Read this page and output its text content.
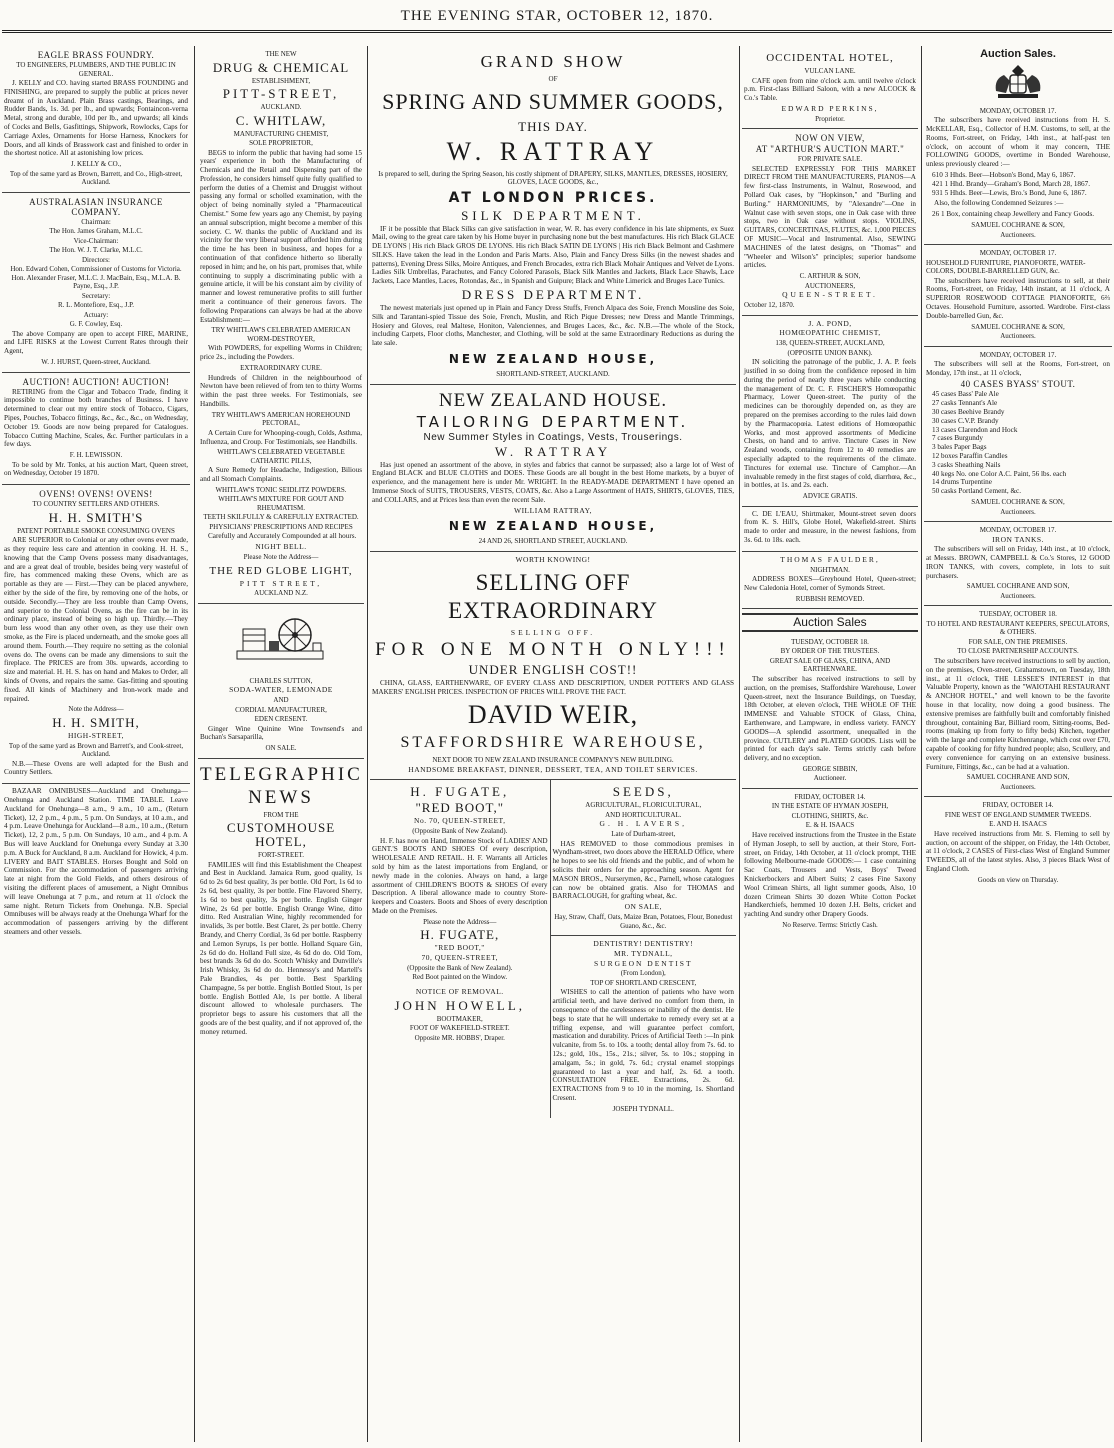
THE EVENING STAR, OCTOBER 12, 1870.
EAGLE BRASS FOUNDRY.
TO ENGINEERS, PLUMBERS, AND THE PUBLIC IN GENERAL.

J. KELLY and CO. having started BRASS FOUNDING and FINISHING, are prepared to supply the public at prices never dreamt of in Auckland. Plain Brass castings, Bearings, and Rudder Bands, 1s. 3d. per lb., and upwards; Fontaincon-verna Metal, strong and durable, 10d per lb., and upwards; all kinds of Cocks and Bells, Gasfittings, Shipwork, Rowlocks, Caps for Carriage Axles, Ornaments for Horse Harness, Knockers for Doors, and all kinds of Brasswork cast and finished to order in the shortest notice. All at astonishing low prices.

J. KELLY & CO.,
Top of the same yard as Brown, Barrett, and Co., High-street, Auckland.
AUSTRALASIAN INSURANCE COMPANY.
Chairman:
The Hon. James Graham, M.L.C.
Vice-Chairman:
The Hon. W. J. T. Clarke, M.L.C.
Directors:
Hon. Edward Cohen, Commissioner of Customs for Victoria. Hon. Alexander Fraser, M.L.C. J. MacBain, Esq., M.L.A. B. Payne, Esq., J.P.
Secretary:
R. L. Montefiore, Esq., J.P.
Actuary:
G. F. Cowley, Esq.

The above Company are open to accept FIRE, MARINE, and LIFE RISKS at the Lowest Current Rates through their Agent,

W. J. HURST, Queen-street, Auckland.
AUCTION! AUCTION! AUCTION!

RETIRING from the Cigar and Tobacco Trade, finding it impossible to continue both branches of Business. I have determined to clear out my entire stock of Tobacco, Cigars, Pipes, Pouches, Tobacco fittings, &c., &c., &c., on Wednesday, October 19. Goods are now being prepared for Catalogues. Tobacco Cutting Machine, Scales, &c. Further particulars in a few days.

F. H. LEWISSON.

To be sold by Mr. Tonks, at his auction Mart, Queen street, on Wednesday, October 19 1870.

OVENS! OVENS! OVENS!
TO COUNTRY SETTLERS AND OTHERS.
H. H. SMITH'S
PATENT PORTABLE SMOKE CONSUMING OVENS

ARE SUPERIOR to Colonial or any other ovens ever made, as they require less care and attention in cooking. H. H. S., knowing that the Camp Ovens possess many disadvantages, and are a great deal of trouble, besides being very wasteful of fire, has commenced making these Ovens, which are as portable as they are — First.—They can be placed anywhere, either by the side of the fire, by removing one of the hobs, or outside. Secondly.—They are less trouble than Camp Ovens, and superior to the Colonial Ovens, as the fire can be in its ordinary place, instead of being so high up. Thirdly.—They burn less wood than any other oven, as they use their own smoke, as the Fire is placed underneath, and the smoke goes all around them. Fourth.—They require no setting as the colonial ovens do. The ovens can be made any dimensions to suit the fireplace. The PRICES are from 30s. upwards, according to size and material. H. H. S. has on hand and Makes to Order, all kinds of Ovens, and repairs the same. Gas-fitting and spouting fixed. All kinds of Machinery and Iron-work made and repaired.

Note the Address—
H. H. SMITH,
HIGH-STREET,
Top of the same yard as Brown and Barrett's, and Cook-street, Auckland.

N.B.—These Ovens are well adapted for the Bush and Country Settlers.

BAZAAR OMNIBUSES—Auckland and Onehunga—Onehunga and Auckland Station. TIME TABLE. Leave Auckland for Onehunga—8 a.m., 9 a.m., 10 a.m., (Return Ticket), 12, 2 p.m., 4 p.m., 5 p.m. On Sundays, at 10 a.m., and 4 p.m. Leave Onehunga for Auckland—8 a.m., 10 a.m., (Return Ticket), 12, 2 p.m., 5 p.m. On Sundays, 10 a.m., and 4 p.m. A Bus will leave Auckland for Onehunga every Sunday at 3.30 p.m. A Buck for Auckland, 8 a.m. Auckland for Howick, 4 p.m. LIVERY and BAIT STABLES. Horses Bought and Sold on Commission. For the accommodation of passengers arriving late at night from the Gold Fields, and others desirous of visiting the different places of amusement, a Night Omnibus will leave Onehunga at 7 p.m., and return at 11 o'clock the same night. Return Tickets from Onehunga. N.B. Special Omnibuses will be always ready at the Onehunga Wharf for the accommodation of passengers arriving by the different steamers and other vessels.

THE NEW
DRUG & CHEMICAL
ESTABLISHMENT,
PITT-STREET,
AUCKLAND.
C. WHITLAW,
MANUFACTURING CHEMIST,
SOLE PROPRIETOR,

BEGS to inform the public that having had some 15 years' experience in both the Manufacturing of Chemicals and the Retail and Dispensing part of the Profession, he considers himself quite fully qualified to perform the duties of a Chemist and Druggist without passing any formal or scholled examination, with the object of being nominally styled a "Pharmaceutical Chemist." Some few years ago any Chemist, by paying an annual subscription, might become a member of this society. C. W. thanks the public of Auckland and its vicinity for the very liberal support afforded him during the time he has been in business, and hopes for a continuation of that confidence hitherto so liberally reposed in him; and he, on his part, promises that, while continuing to supply a discriminating public with a genuine article, it will be his constant aim by civility of manner and lowest remunerative profits to still further merit a continuance of their generous favors. The following Preparations can always be had at the above Establishment:—

TRY WHITLAW'S CELEBRATED AMERICAN WORM-DESTROYER,

With POWDERS, for expelling Worms in Children; price 2s., including the Powders.

EXTRAORDINARY CURE.

Hundreds of Children in the neighbourhood of Newton have been relieved of from ten to thirty Worms within the past three weeks. For Testimonials, see Handbills.

TRY WHITLAW'S AMERICAN HOREHOUND PECTORAL,

A Certain Cure for Whooping-cough, Colds, Asthma, Influenza, and Croup. For Testimonials, see Handbills.

WHITLAW'S CELEBRATED VEGETABLE CATHARTIC PILLS,

A Sure Remedy for Headache, Indigestion, Bilious and all Stomach Complaints.

WHITLAW'S TONIC SEIDLITZ POWDERS.
WHITLAW'S MIXTURE FOR GOUT AND RHEUMATISM.
TEETH SKILFULLY & CAREFULLY EXTRACTED.
PHYSICIANS' PRESCRIPTIONS AND RECIPES

Carefully and Accurately Compounded at all hours.

NIGHT BELL.
Please Note the Address—
THE RED GLOBE LIGHT,
PITT STREET,
AUCKLAND N.Z.
CHARLES SUTTON,
SODA-WATER, LEMONADE
AND
CORDIAL MANUFACTURER,
EDEN CRESENT.

Ginger Wine Quinine Wine Townsend's and Buchan's Sarsaparilla,

ON SALE.
TELEGRAPHIC
NEWS
FROM THE
CUSTOMHOUSE HOTEL,
FORT-STREET.

FAMILIES will find this Establishment the Cheapest and Best in Auckland. Jamaica Rum, good quality, 1s 6d to 2s 6d best quality, 3s per bottle. Old Port, 1s 6d to 2s 6d, best quality, 3s per bottle. Fine Flavored Sherry, 1s 6d to best quality, 3s per bottle. English Ginger Wine, 2s 6d per bottle. English Orange Wine, ditto ditto. Red Australian Wine, highly recommended for invalids, 3s per bottle. Best Claret, 2s per bottle. Cherry Brandy, and Cherry Cordial, 3s 6d per bottle. Raspberry and Lemon Syrups, 1s per bottle. Holland Square Gin, 2s 6d do do. Holland Full size, 4s 6d do do. Old Tom, best brands 3s 6d do do. Scotch Whisky and Dunville's Irish Whisky, 3s 6d do do. Hennessy's and Martell's Pale Brandies, 4s per bottle. Best Sparkling Champagne, 5s per bottle. English Bottled Stout, 1s per bottle. English Bottled Ale, 1s per bottle. A liberal discount allowed to wholesale purchasers. The proprietor begs to assure his customers that all the goods are of the best quality, and if not approved of, the money returned.

GRAND SHOW
OF
SPRING AND SUMMER GOODS,
THIS DAY.
W. RATTRAY
Is prepared to sell, during the Spring Season, his costly shipment of DRAPERY, SILKS, MANTLES, DRESSES, HOSIERY, GLOVES, LACE GOODS, &c.,
AT LONDON PRICES.
SILK DEPARTMENT.

IF it be possible that Black Silks can give satisfaction in wear, W. R. has every confidence in his late shipments, ex Suez Mail, owing to the great care taken by his Home buyer in purchasing none but the best manufactures. His rich Black GLACE DE LYONS | His rich Black GROS DE LYONS. His rich Black SATIN DE LYONS | His rich Black Belmont and Cashmere SILKS. Have taken the lead in the London and Paris Marts. Also, Plain and Fancy Dress Silks (in the newest shades and patterns), Evening Dress Silks, Moire Antiques, and French Brocades, extra rich Black Mohair Antiques and Velvet de Lyons. Ladies Silk Umbrellas, Parachutes, and Fancy Colored Parasols, Black Silk Mantles and Jackets, Black Lace Shawls, Lace Jackets, Lace Mantles, Laces, Rotondas, &c., in Spanish and Guipure; Black and White Limerick and Bruges Lace Tunics.

DRESS DEPARTMENT.

The newest materials just opened up in Plain and Fancy Dress Stuffs, French Alpaca des Soie, French Mousline des Soie, Silk and Tarantani-spied Tissue des Soie, French, Muslin, and Rich Pique Dresses; new Dress and Mantle Trimmings, Hosiery and Gloves, real Maltese, Honiton, Valenciennes, and Bruges Laces, &c., &c. N.B.—The whole of the Stock, including Carpets, Floor cloths, Manchester, and Clothing, will be sold at the same Extraordinary Reductions as during the late sale.

NEW ZEALAND HOUSE,
SHORTLAND-STREET, AUCKLAND.
NEW ZEALAND HOUSE.
TAILORING DEPARTMENT.
New Summer Styles in Coatings, Vests, Trouserings.
W. RATTRAY

Has just opened an assortment of the above, in styles and fabrics that cannot be surpassed; also a large lot of West of England BLACK and BLUE CLOTHS and DOES. These Goods are all bought in the best Home markets, by a buyer of experience, and the management here is under Mr. WRIGHT. In the READY-MADE DEPARTMENT I have opened an Immense Stock of SUITS, TROUSERS, VESTS, COATS, &c. Also a Large Assortment of HATS, SHIRTS, GLOVES, TIES, and COLLARS, and at Prices less than even the recent Sale.

WILLIAM RATTRAY,
NEW ZEALAND HOUSE,
24 AND 26, SHORTLAND STREET, AUCKLAND.
WORTH KNOWING!
SELLING OFF EXTRAORDINARY
SELLING OFF.
FOR ONE MONTH ONLY!!!
UNDER ENGLISH COST!!

CHINA, GLASS, EARTHENWARE, OF EVERY CLASS AND DESCRIPTION, UNDER POTTER'S AND GLASS MAKERS' ENGLISH PRICES. INSPECTION OF PRICES WILL PROVE THE FACT.

DAVID WEIR,
STAFFORDSHIRE WAREHOUSE,
NEXT DOOR TO NEW ZEALAND INSURANCE COMPANY'S NEW BUILDING.
HANDSOME BREAKFAST, DINNER, DESSERT, TEA, AND TOILET SERVICES.
H. FUGATE,
"RED BOOT,"
No. 70, QUEEN-STREET,
(Opposite Bank of New Zealand).

H. F. has now on Hand, Immense Stock of LADIES' AND GENT.'S BOOTS AND SHOES Of every description, WHOLESALE AND RETAIL. H. F. Warrants all Articles sold by him as the latest importations from England, or newly made in the colonies. Always on hand, a large assortment of CHILDREN'S BOOTS & SHOES Of every Description. A liberal allowance made to country Store-keepers and Coasters. Boots and Shoes of every description Made on the Premises.

Please note the Address—
H. FUGATE,
"RED BOOT,"
70, QUEEN-STREET,
(Opposite the Bank of New Zealand).
Red Boot painted on the Window.
NOTICE OF REMOVAL.
JOHN HOWELL,
BOOTMAKER,
FOOT OF WAKEFIELD-STREET.
Opposite MR. HOBBS', Draper.
SEEDS,
AGRICULTURAL, FLORICULTURAL,
AND HORTICULTURAL.
G. H. LAVERS,
Late of Durham-street,

HAS REMOVED to those commodious premises in Wyndham-street, two doors above the HERALD Office, where he hopes to see his old friends and the public, and of whom he solicits their orders for the approaching season. Agent for MASON BROS., Nurserymen, &c., Parnell, whose catalogues can now be obtained gratis. Also for THOMAS and BARRACLOUGH, for grafting wheat, &c.

ON SALE,
Hay, Straw, Chaff, Oats, Maize Bran, Potatoes, Flour, Bonedust Guano, &c., &c.
DENTISTRY! DENTISTRY!
MR. TYDNALL,
SURGEON DENTIST
(From London),
TOP OF SHORTLAND CRESCENT,

WISHES to call the attention of patients who have worn artificial teeth, and have derived no comfort from them, in consequence of the carelessness or inability of the dentist. He begs to state that he will undertake to remedy every set at a trifling expense, and will guarantee perfect comfort, mastication and durability. Prices of Artificial Teeth :—In pink vulcanite, from 5s. to 10s. a tooth; dental alloy from 7s. 6d. to 12s.; gold, 10s., 15s., 21s.; silver, 5s. to 10s.; stopping in amalgam, 5s.; in gold, 7s. 6d.; crystal enamel stoppings guaranteed to last a year and half, 2s. 6d. a tooth. CONSULTATION FREE. Extractions, 2s. 6d. EXTRACTIONS from 9 to 10 in the morning, 1s. Shortland Cresent.

JOSEPH TYDNALL.
OCCIDENTAL HOTEL,
VULCAN LANE.

CAFE open from nine o'clock a.m. until twelve o'clock p.m. First-class Billiard Saloon, with a new ALCOCK & Co.'s Table.

EDWARD PERKINS,
Proprietor.
NOW ON VIEW,
AT "ARTHUR'S AUCTION MART."
FOR PRIVATE SALE.

SELECTED EXPRESSLY FOR THIS MARKET DIRECT FROM THE MANUFACTURERS, PIANOS—A few first-class Instruments, in Walnut, Rosewood, and Pollard Oak cases, by "Hopkinson," and "Burling and Burling." HARMONIUMS, by "Alexandre"—One in Walnut case with seven stops, one in Oak case with three stops, two in Oak case without stops. VIOLINS, GUITARS, CONCERTINAS, FLUTES, &c. 1,000 PIECES OF MUSIC—Vocal and Instrumental. Also, SEWING MACHINES of the latest designs, on "Thomas'" and "Wheeler and Wilson's" principles; superior handsome articles.

C. ARTHUR & SON,
AUCTIONEERS,
QUEEN-STREET.
October 12, 1870.
J. A. POND,
HOMŒOPATHIC CHEMIST,
138, QUEEN-STREET, AUCKLAND,
(OPPOSITE UNION BANK).

IN soliciting the patronage of the public, J. A. P. feels justified in so doing from the confidence reposed in him during the period of nearly three years while conducting the management of Dr. C. F. FISCHER'S Homœopathic Pharmacy, Lower Queen-street. The purity of the medicines can be thoroughly depended on, as they are prepared on the premises according to the rules laid down by the Pharmacopœia. Latest editions of Homœopathic Works, and most approved assortments of Medicine Chests, on hand and to arrive. Tincture Cases in New Zealand woods, containing from 12 to 40 remedies are especially adapted to the requirements of the climate. Tinctures for external use. Tincture of Camphor.—An invaluable remedy in the first stages of cold, diarrhœa, &c., in bottles, at 1s. and 2s. each.

ADVICE GRATIS.

C. DE L'EAU, Shirtmaker, Mount-street seven doors from K. S. Hill's, Globe Hotel, Wakefield-street. Shirts made to order and measure, in the newest fashions, from 3s. 6d. to 18s. each.

THOMAS FAULDER,
NIGHTMAN.

ADDRESS BOXES—Greyhound Hotel, Queen-street; New Caledonia Hotel, corner of Symonds Street.

RUBBISH REMOVED.
Auction Sales
TUESDAY, OCTOBER 18.
BY ORDER OF THE TRUSTEES.
GREAT SALE OF GLASS, CHINA, AND EARTHENWARE.

The subscriber has received instructions to sell by auction, on the premises, Staffordshire Warehouse, Lower Queen-street, next the Insurance Buildings, on Tuesday, 18th October, at eleven o'clock, THE WHOLE OF THE IMMENSE and Valuable STOCK of Glass, China, Earthenware, and Lampware, in endless variety. FANCY GOODS—A splendid assortment, unequalled in the province. CUTLERY and PLATED GOODS. Lists will be printed for each day's sale. Terms strictly cash before delivery, and no exception.

GEORGE SIBBIN,
Auctioneer.
FRIDAY, OCTOBER 14.
IN THE ESTATE OF HYMAN JOSEPH,
CLOTHING, SHIRTS, &c.
E. & H. ISAACS

Have received instructions from the Trustee in the Estate of Hyman Joseph, to sell by auction, at their Store, Fort-street, on Friday, 14th October, at 11 o'clock prompt, THE following Melbourne-made GOODS:— 1 case containing Sac Coats, Trousers and Vests, Boys' Tweed Knickerbockers and Albert Suits; 2 cases Fine Saxony Wool Crimean Shirts, all light summer goods, Also, 10 dozen Crimean Shirts 30 dozen White Cotton Pocket Handkerchiefs, hemmed 10 dozen J.H. Belts, cricket and yachting And sundry other Drapery Goods.

No Reserve. Terms: Strictly Cash.
Auction Sales.
MONDAY, OCTOBER 17.

The subscribers have received instructions from H. S. McKELLAR, Esq., Collector of H.M. Customs, to sell, at the Rooms, Fort-street, on Friday, 14th inst., at half-past ten o'clock, on account of whom it may concern, THE FOLLOWING GOODS, overtime in Bonded Warehouse, unless previously cleared :—

610 3 Hhds. Beer—Hobson's Bond, May 6, 1867.
421 1 Hhd. Brandy—Graham's Bond, March 28, 1867.
931 5 Hhds. Beer—Lewis, Bro.'s Bond, June 6, 1867.

Also, the following Condemned Seizures :—

26 1 Box, containing cheap Jewellery and Fancy Goods.
SAMUEL COCHRANE & SON,
Auctioneers.
MONDAY, OCTOBER 17.
HOUSEHOLD FURNITURE, PIANOFORTE, WATER-COLORS, DOUBLE-BARRELLED GUN, &c.

The subscribers have received instructions to sell, at their Rooms, Fort-street, on Friday, 14th instant, at 11 o'clock, A SUPERIOR ROSEWOOD COTTAGE PIANOFORTE, 6⅔ Octaves. Household Furniture, assorted. Wardrobe. First-class Double-barrelled Gun, &c.

SAMUEL COCHRANE & SON,
Auctioneers.
MONDAY, OCTOBER 17.

The subscribers will sell at the Rooms, Fort-street, on Monday, 17th inst., at 11 o'clock,

40 CASES BYASS' STOUT.
45 cases Bass' Pale Ale
27 casks Tennant's Ale
30 cases Beehive Brandy
30 cases C.V.P. Brandy
13 cases Clarendon and Hock
7 cases Burgundy
3 bales Paper Bags
12 boxes Paraffin Candles
3 casks Sheathing Nails
40 kegs No. one Color A.C. Paint, 56 lbs. each
14 drums Turpentine
50 casks Portland Cement, &c.
SAMUEL COCHRANE & SON,
Auctioneers.
MONDAY, OCTOBER 17.
IRON TANKS.

The subscribers will sell on Friday, 14th inst., at 10 o'clock, at Messrs. BROWN, CAMPBELL & Co.'s Stores, 12 GOOD IRON TANKS, with covers, complete, in lots to suit purchasers.

SAMUEL COCHRANE AND SON,
Auctioneers.
TUESDAY, OCTOBER 18.
TO HOTEL AND RESTAURANT KEEPERS, SPECULATORS, & OTHERS.
FOR SALE, ON THE PREMISES.
TO CLOSE PARTNERSHIP ACCOUNTS.

The subscribers have received instructions to sell by auction, on the premises, Oven-street, Grahamstown, on Tuesday, 18th inst., at 11 o'clock, THE LESSEE'S INTEREST in that Valuable Property, known as the "WAIOTAHI RESTAURANT & ANCHOR HOTEL," and well known to be the favorite house in that locality, now doing a good business. The extensive premises are faithfully built and comfortably finished throughout, containing Bar, Billiard room, Sitting-rooms, Bed-rooms (making up from forty to fifty beds) Kitchen, together with the large and complete Kitchenrange, which cost over £70, capable of cooking for fifty hundred people; also, Scullery, and every convenience for carrying on an extensive business. Furniture, Fittings, &c., can be had at a valuation.

SAMUEL COCHRANE AND SON,
Auctioneers.
FRIDAY, OCTOBER 14.
FINE WEST OF ENGLAND SUMMER TWEEDS.
E. AND H. ISAACS

Have received instructions from Mr. S. Fleming to sell by auction, on account of the shipper, on Friday, the 14th October, at 11 o'clock, 2 CASES of First-class West of England Summer TWEEDS, all of the latest styles. Also, 3 pieces Black West of England Cloth.

Goods on view on Thursday.
